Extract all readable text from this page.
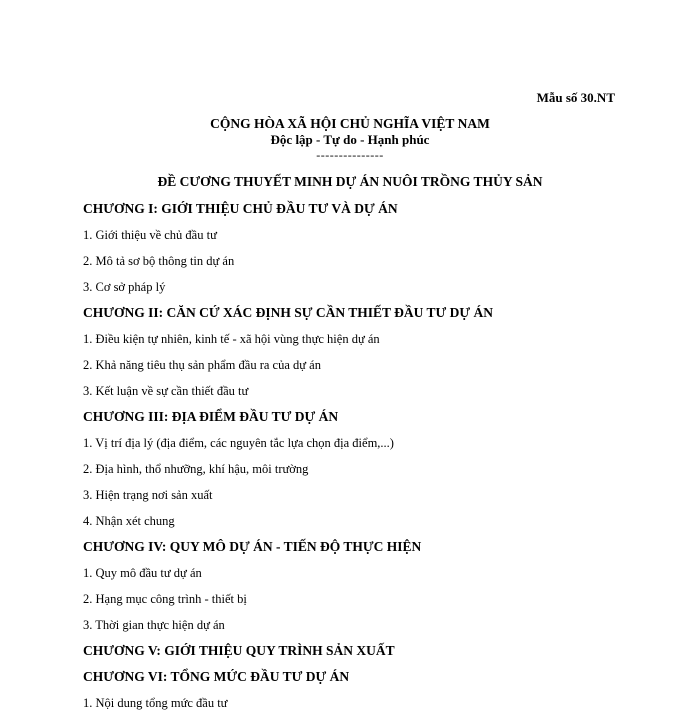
Mẫu số 30.NT
CỘNG HÒA XÃ HỘI CHỦ NGHĨA VIỆT NAM
Độc lập - Tự do - Hạnh phúc
---------------
ĐỀ CƯƠNG THUYẾT MINH DỰ ÁN NUÔI TRỒNG THỦY SẢN
CHƯƠNG I: GIỚI THIỆU CHỦ ĐẦU TƯ VÀ DỰ ÁN
1. Giới thiệu về chủ đầu tư
2. Mô tả sơ bộ thông tin dự án
3. Cơ sở pháp lý
CHƯƠNG II: CĂN CỨ XÁC ĐỊNH SỰ CẦN THIẾT ĐẦU TƯ DỰ ÁN
1. Điều kiện tự nhiên, kinh tế - xã hội vùng thực hiện dự án
2. Khả năng tiêu thụ sản phẩm đầu ra của dự án
3. Kết luận về sự cần thiết đầu tư
CHƯƠNG III: ĐỊA ĐIỂM ĐẦU TƯ DỰ ÁN
1. Vị trí địa lý (địa điểm, các nguyên tắc lựa chọn địa điểm,...)
2. Địa hình, thổ nhưỡng, khí hậu, môi trường
3. Hiện trạng nơi sản xuất
4. Nhận xét chung
CHƯƠNG IV: QUY MÔ DỰ ÁN - TIẾN ĐỘ THỰC HIỆN
1. Quy mô đầu tư dự án
2. Hạng mục công trình - thiết bị
3. Thời gian thực hiện dự án
CHƯƠNG V: GIỚI THIỆU QUY TRÌNH SẢN XUẤT
CHƯƠNG VI: TỔNG MỨC ĐẦU TƯ DỰ ÁN
1. Nội dung tổng mức đầu tư
